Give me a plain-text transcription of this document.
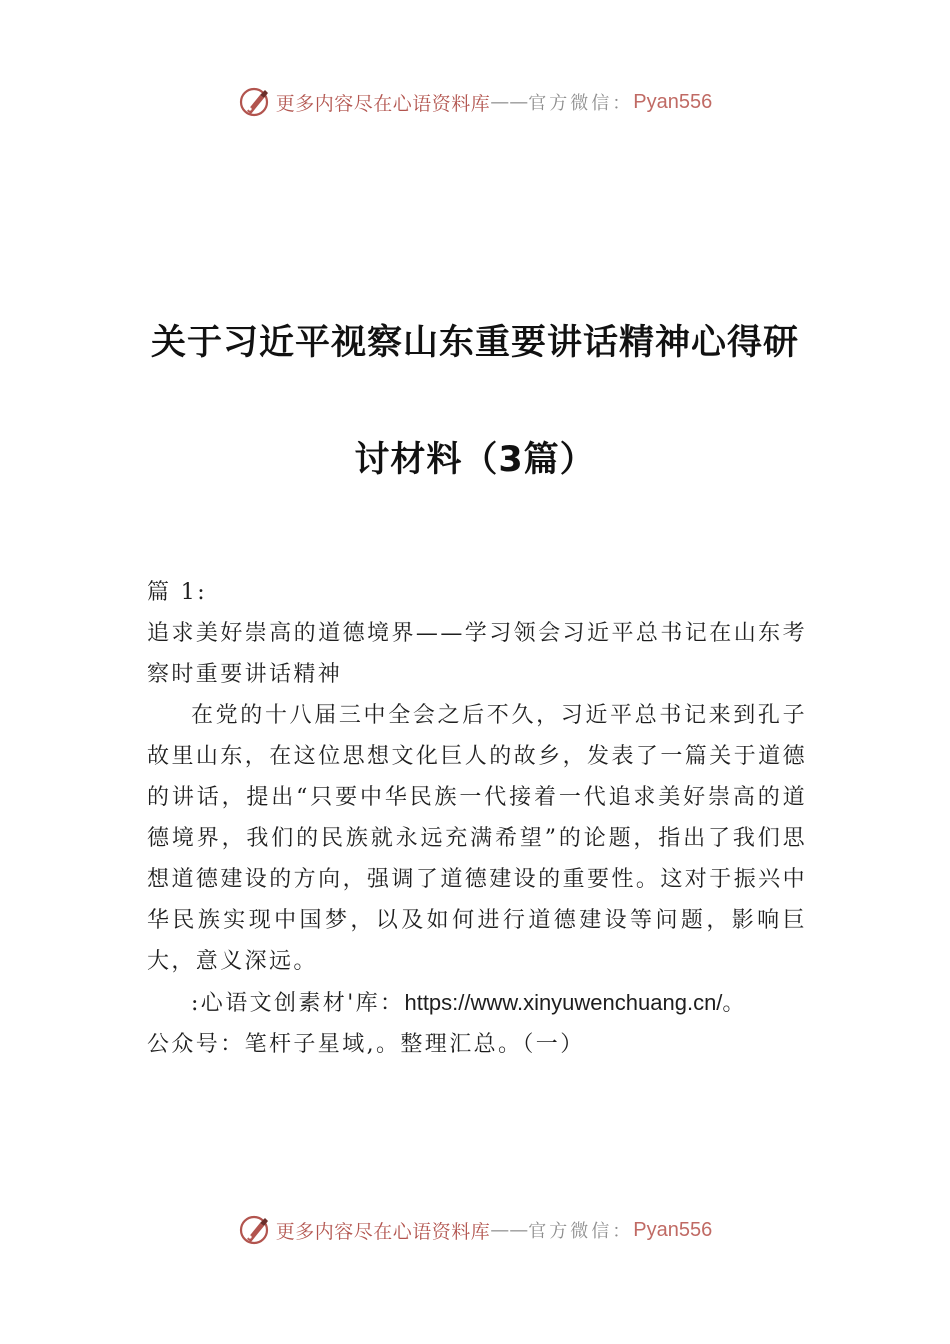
更多内容尽在心语资料库 —— 官方微信： Pyan556
关于习近平视察山东重要讲话精神心得研
讨材料（3篇）

篇 1:

追求美好崇高的道德境界——学习领会习近平总书记在山东考察时重要讲话精神

在党的十八届三中全会之后不久，习近平总书记来到孔子故里山东，在这位思想文化巨人的故乡，发表了一篇关于道德的讲话，提出“只要中华民族一代接着一代追求美好崇高的道德境界，我们的民族就永远充满希望”的论题，指出了我们思想道德建设的方向，强调了道德建设的重要性。这对于振兴中华民族实现中国梦，以及如何进行道德建设等问题，影响巨大，意义深远。

:心语文创素材'库：https://www.xinyuwenchuang.cn/。

公众号：笔杆子星域,。整理汇总。（一）

更多内容尽在心语资料库 —— 官方微信： Pyan556
